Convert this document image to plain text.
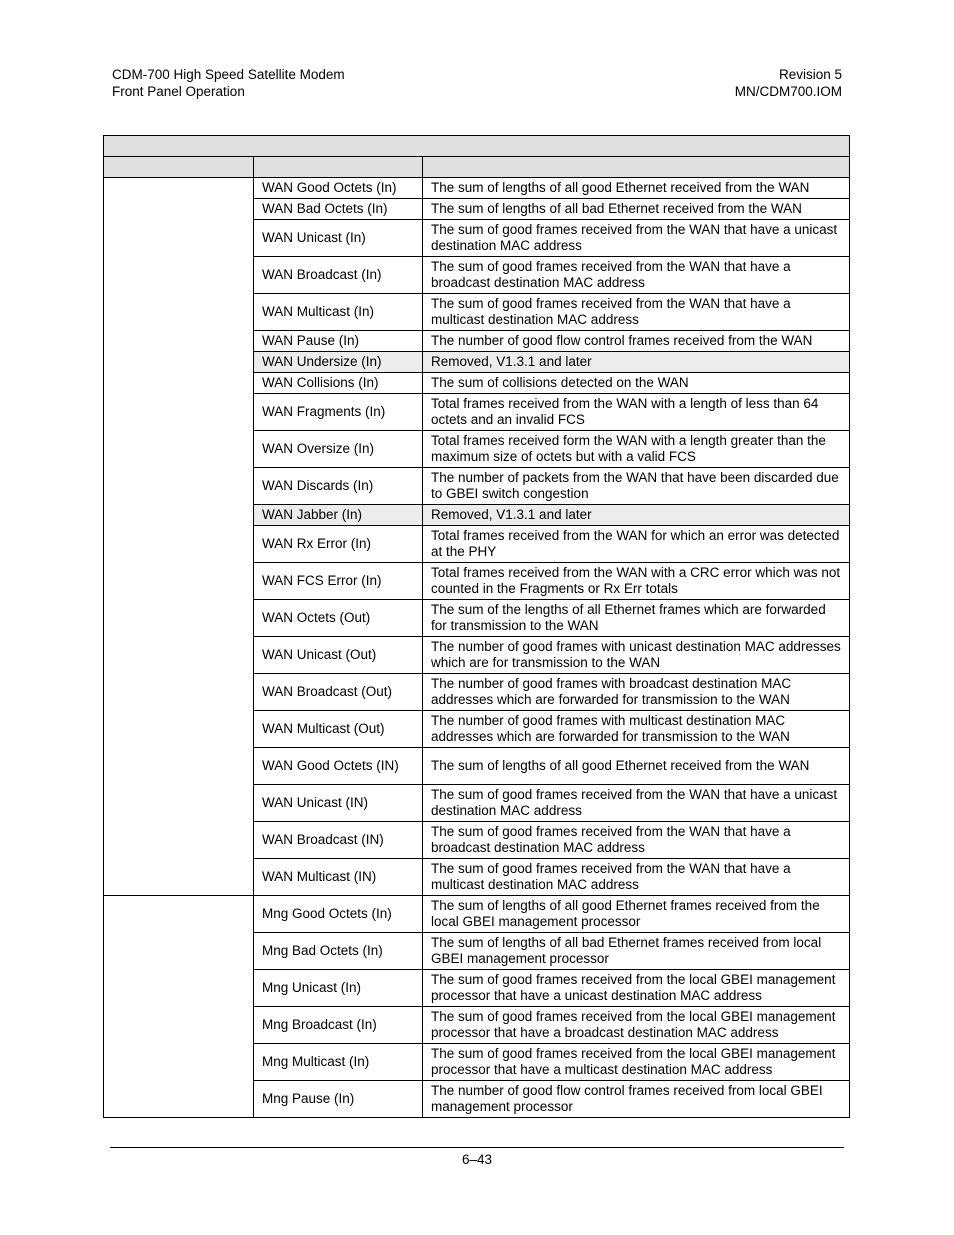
CDM-700 High Speed Satellite Modem
Front Panel Operation
Revision 5
MN/CDM700.IOM

	WAN Good Octets (In)	The sum of lengths of all good Ethernet received from the WAN
	WAN Bad Octets (In)	The sum of lengths of all bad Ethernet received from the WAN
	WAN Unicast (In)	The sum of good frames received from the WAN that have a unicast destination MAC address
	WAN Broadcast (In)	The sum of good frames received from the WAN that have a broadcast destination MAC address
	WAN Multicast (In)	The sum of good frames received from the WAN that have a multicast destination MAC address
	WAN Pause (In)	The number of good flow control frames received from the WAN
	WAN Undersize (In)	Removed, V1.3.1 and later
	WAN Collisions (In)	The sum of collisions detected on the WAN
	WAN Fragments (In)	Total frames received from the WAN with a length of less than 64 octets and an invalid FCS
	WAN Oversize (In)	Total frames received form the WAN with a length greater than the maximum size of octets but with a valid FCS
	WAN Discards (In)	The number of packets from the WAN that have been discarded due to GBEI switch congestion
	WAN Jabber (In)	Removed, V1.3.1 and later
	WAN Rx Error (In)	Total frames received from the WAN for which an error was detected at the PHY
	WAN FCS Error (In)	Total frames received from the WAN with a CRC error which was not counted in the Fragments or Rx Err totals
	WAN Octets (Out)	The sum of the lengths of all Ethernet frames which are forwarded for transmission to the WAN
	WAN Unicast (Out)	The number of good frames with unicast destination MAC addresses which are for transmission to the WAN
	WAN Broadcast (Out)	The number of good frames with broadcast destination MAC addresses which are forwarded for transmission to the WAN
	WAN Multicast (Out)	The number of good frames with multicast destination MAC addresses which are forwarded for transmission to the WAN
	WAN Good Octets (IN)	The sum of lengths of all good Ethernet received from the WAN
	WAN Unicast (IN)	The sum of good frames received from the WAN that have a unicast destination MAC address
	WAN Broadcast (IN)	The sum of good frames received from the WAN that have a broadcast destination MAC address
	WAN Multicast (IN)	The sum of good frames received from the WAN that have a multicast destination MAC address
	Mng Good Octets (In)	The sum of lengths of all good Ethernet frames received from the local GBEI management processor
	Mng Bad Octets (In)	The sum of lengths of all bad Ethernet frames received from local GBEI management processor
	Mng Unicast (In)	The sum of good frames received from the local GBEI management processor that have a unicast destination MAC address
	Mng Broadcast (In)	The sum of good frames received from the local GBEI management processor that have a broadcast destination MAC address
	Mng Multicast (In)	The sum of good frames received from the local GBEI management processor that have a multicast destination MAC address
	Mng Pause (In)	The number of good flow control frames received from local GBEI management processor
6–43
